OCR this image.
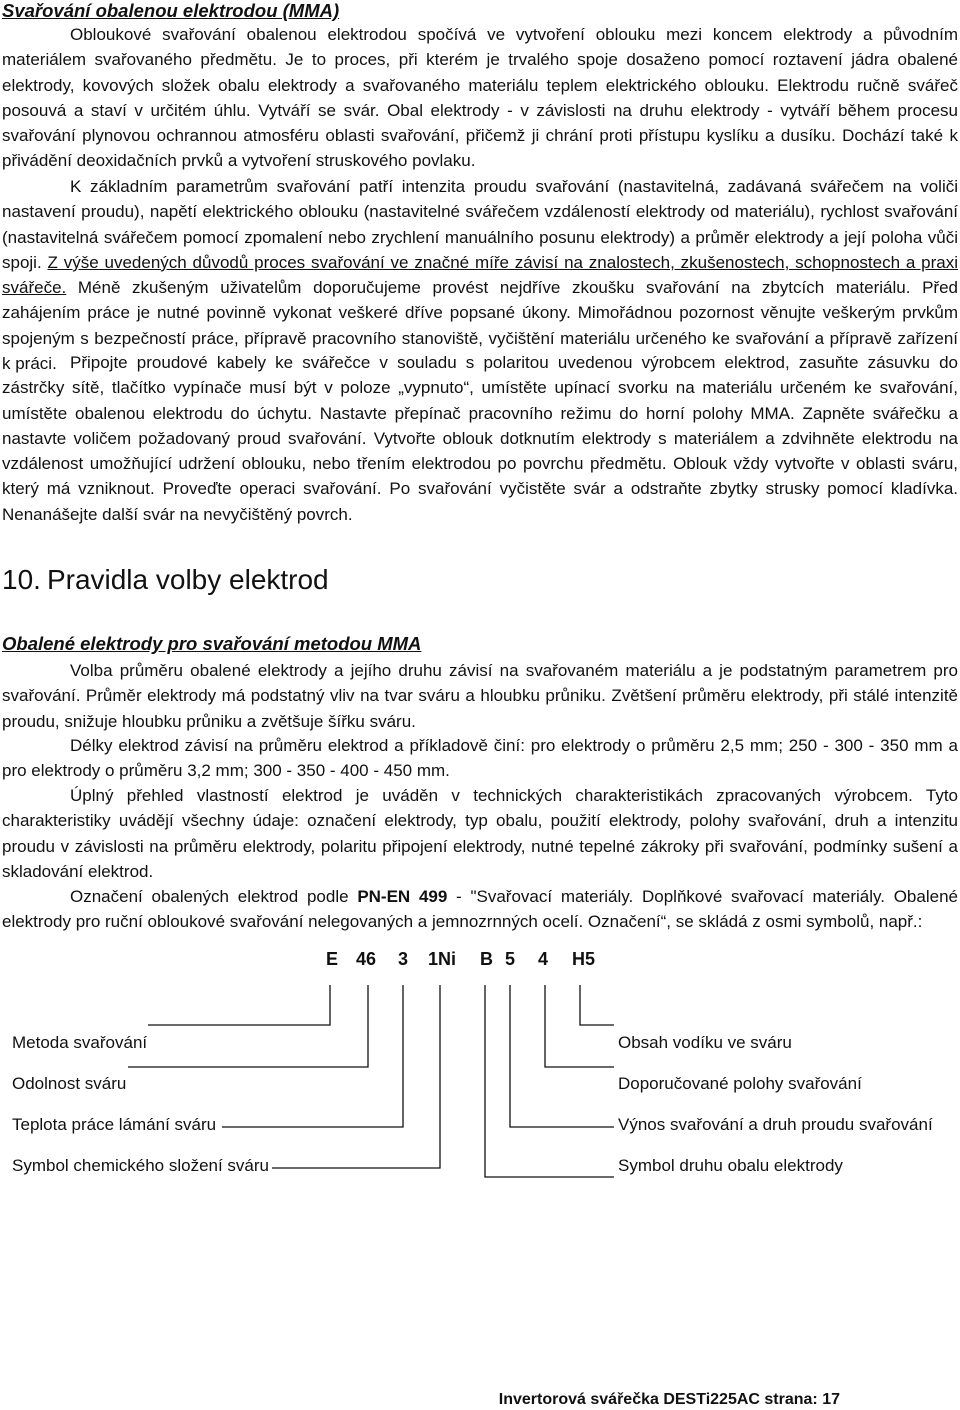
Svařování obalenou elektrodou (MMA)

Obloukové svařování obalenou elektrodou spočívá ve vytvoření oblouku mezi koncem elektrody a původním materiálem svařovaného předmětu. Je to proces, při kterém je trvalého spoje dosaženo pomocí roztavení jádra obalené elektrody, kovových složek obalu elektrody a svařovaného materiálu teplem elektrického oblouku. Elektrodu ručně svářeč posouvá a staví v určitém úhlu. Vytváří se svár. Obal elektrody - v závislosti na druhu elektrody - vytváří během procesu svařování plynovou ochrannou atmosféru oblasti svařování, přičemž ji chrání proti přístupu kyslíku a dusíku. Dochází také k přivádění deoxidačních prvků a vytvoření struskového povlaku.

K základním parametrům svařování patří intenzita proudu svařování (nastavitelná, zadávaná svářečem na voliči nastavení proudu), napětí elektrického oblouku (nastavitelné svářečem vzdáleností elektrody od materiálu), rychlost svařování (nastavitelná svářečem pomocí zpomalení nebo zrychlení manuálního posunu elektrody) a průměr elektrody a její poloha vůči spoji. Z výše uvedených důvodů proces svařování ve značné míře závisí na znalostech, zkušenostech, schopnostech a praxi svářeče. Méně zkušeným uživatelům doporučujeme provést nejdříve zkoušku svařování na zbytcích materiálu. Před zahájením práce je nutné povinně vykonat veškeré dříve popsané úkony. Mimořádnou pozornost věnujte veškerým prvkům spojeným s bezpečností práce, přípravě pracovního stanoviště, vyčištění materiálu určeného ke svařování a přípravě zařízení k práci. Připojte proudové kabely ke svářečce v souladu s polaritou uvedenou výrobcem elektrod, zasuňte zásuvku do zástrčky sítě, tlačítko vypínače musí být v poloze „vypnuto“, umístěte upínací svorku na materiálu určeném ke svařování, umístěte obalenou elektrodu do úchytu. Nastavte přepínač pracovního režimu do horní polohy MMA. Zapněte svářečku a nastavte voličem požadovaný proud svařování. Vytvořte oblouk dotknutím elektrody s materiálem a zdvihněte elektrodu na vzdálenost umožňující udržení oblouku, nebo třením elektrodou po povrchu předmětu. Oblouk vždy vytvořte v oblasti sváru, který má vzniknout. Proveďte operaci svařování. Po svařování vyčistěte svár a odstraňte zbytky strusky pomocí kladívka. Nenanášejte další svár na nevyčištěný povrch.

10. Pravidla volby elektrod
Obalené elektrody pro svařování metodou MMA

Volba průměru obalené elektrody a jejího druhu závisí na svařovaném materiálu a je podstatným parametrem pro svařování. Průměr elektrody má podstatný vliv na tvar sváru a hloubku průniku. Zvětšení průměru elektrody, při stálé intenzitě proudu, snižuje hloubku průniku a zvětšuje šířku sváru.

Délky elektrod závisí na průměru elektrod a příkladově činí: pro elektrody o průměru 2,5 mm; 250 - 300 - 350 mm a pro elektrody o průměru 3,2 mm; 300 - 350 - 400 - 450 mm.

Úplný přehled vlastností elektrod je uváděn v technických charakteristikách zpracovaných výrobcem. Tyto charakteristiky uvádějí všechny údaje: označení elektrody, typ obalu, použití elektrody, polohy svařování, druh a intenzitu proudu v závislosti na průměru elektrody, polaritu připojení elektrody, nutné tepelné zákroky při svařování, podmínky sušení a skladování elektrod.

Označení obalených elektrod podle PN-EN 499 - "Svařovací materiály. Doplňkové svařovací materiály. Obalené elektrody pro ruční obloukové svařování nelegovaných a jemnozrnných ocelí. Označení“, se skládá z osmi symbolů, např.:

E 46 3 1Ni B 5 4 H5
Metoda svařování
Odolnost sváru
Teplota práce lámání sváru
Symbol chemického složení sváru
Obsah vodíku ve sváru
Doporučované polohy svařování
Výnos svařování a druh proudu svařování
Symbol druhu obalu elektrody
Invertorová svářečka DESTi225AC strana: 17
